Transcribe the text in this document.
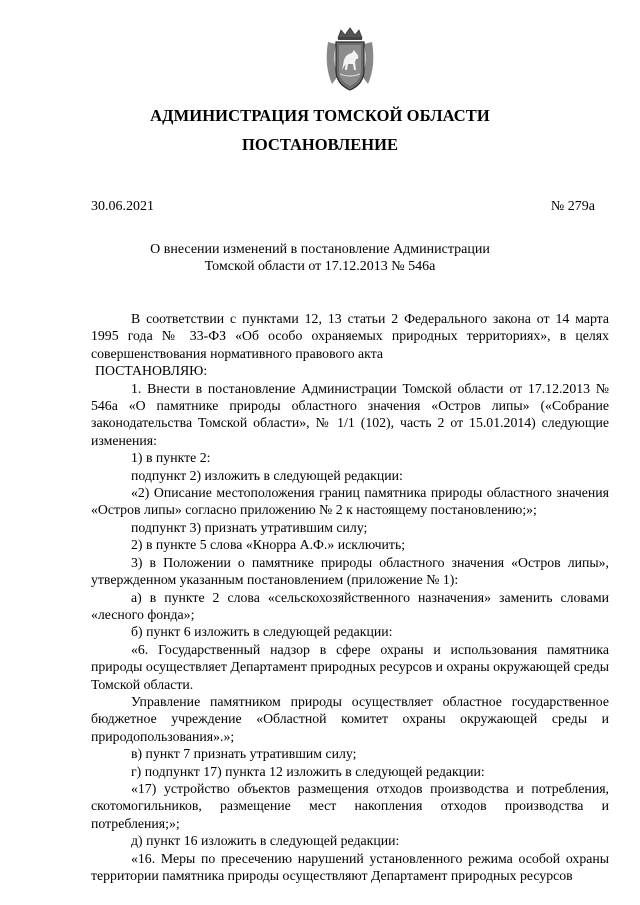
АДМИНИСТРАЦИЯ ТОМСКОЙ ОБЛАСТИ
ПОСТАНОВЛЕНИЕ
30.06.2021	№ 279а
О внесении изменений в постановление Администрации
Томской области от 17.12.2013 № 546а

В соответствии с пунктами 12, 13 статьи 2 Федерального закона от 14 марта 1995 года № 33-ФЗ «Об особо охраняемых природных территориях», в целях совершенствования нормативного правового акта

ПОСТАНОВЛЯЮ:

1. Внести в постановление Администрации Томской области от 17.12.2013 № 546а «О памятнике природы областного значения «Остров липы» («Собрание законодательства Томской области», № 1/1 (102), часть 2 от 15.01.2014) следующие изменения:

1) в пункте 2:

подпункт 2) изложить в следующей редакции:

«2) Описание местоположения границ памятника природы областного значения «Остров липы» согласно приложению № 2 к настоящему постановлению;»;

подпункт 3) признать утратившим силу;

2) в пункте 5 слова «Кнорра А.Ф.» исключить;

3) в Положении о памятнике природы областного значения «Остров липы», утвержденном указанным постановлением (приложение № 1):

а) в пункте 2 слова «сельскохозяйственного назначения» заменить словами «лесного фонда»;

б) пункт 6 изложить в следующей редакции:

«6. Государственный надзор в сфере охраны и использования памятника природы осуществляет Департамент природных ресурсов и охраны окружающей среды Томской области.

Управление памятником природы осуществляет областное государственное бюджетное учреждение «Областной комитет охраны окружающей среды и природопользования».»;

в) пункт 7 признать утратившим силу;

г) подпункт 17) пункта 12 изложить в следующей редакции:

«17) устройство объектов размещения отходов производства и потребления, скотомогильников, размещение мест накопления отходов производства и потребления;»;

д) пункт 16 изложить в следующей редакции:

«16. Меры по пресечению нарушений установленного режима особой охраны территории памятника природы осуществляют Департамент природных ресурсов
